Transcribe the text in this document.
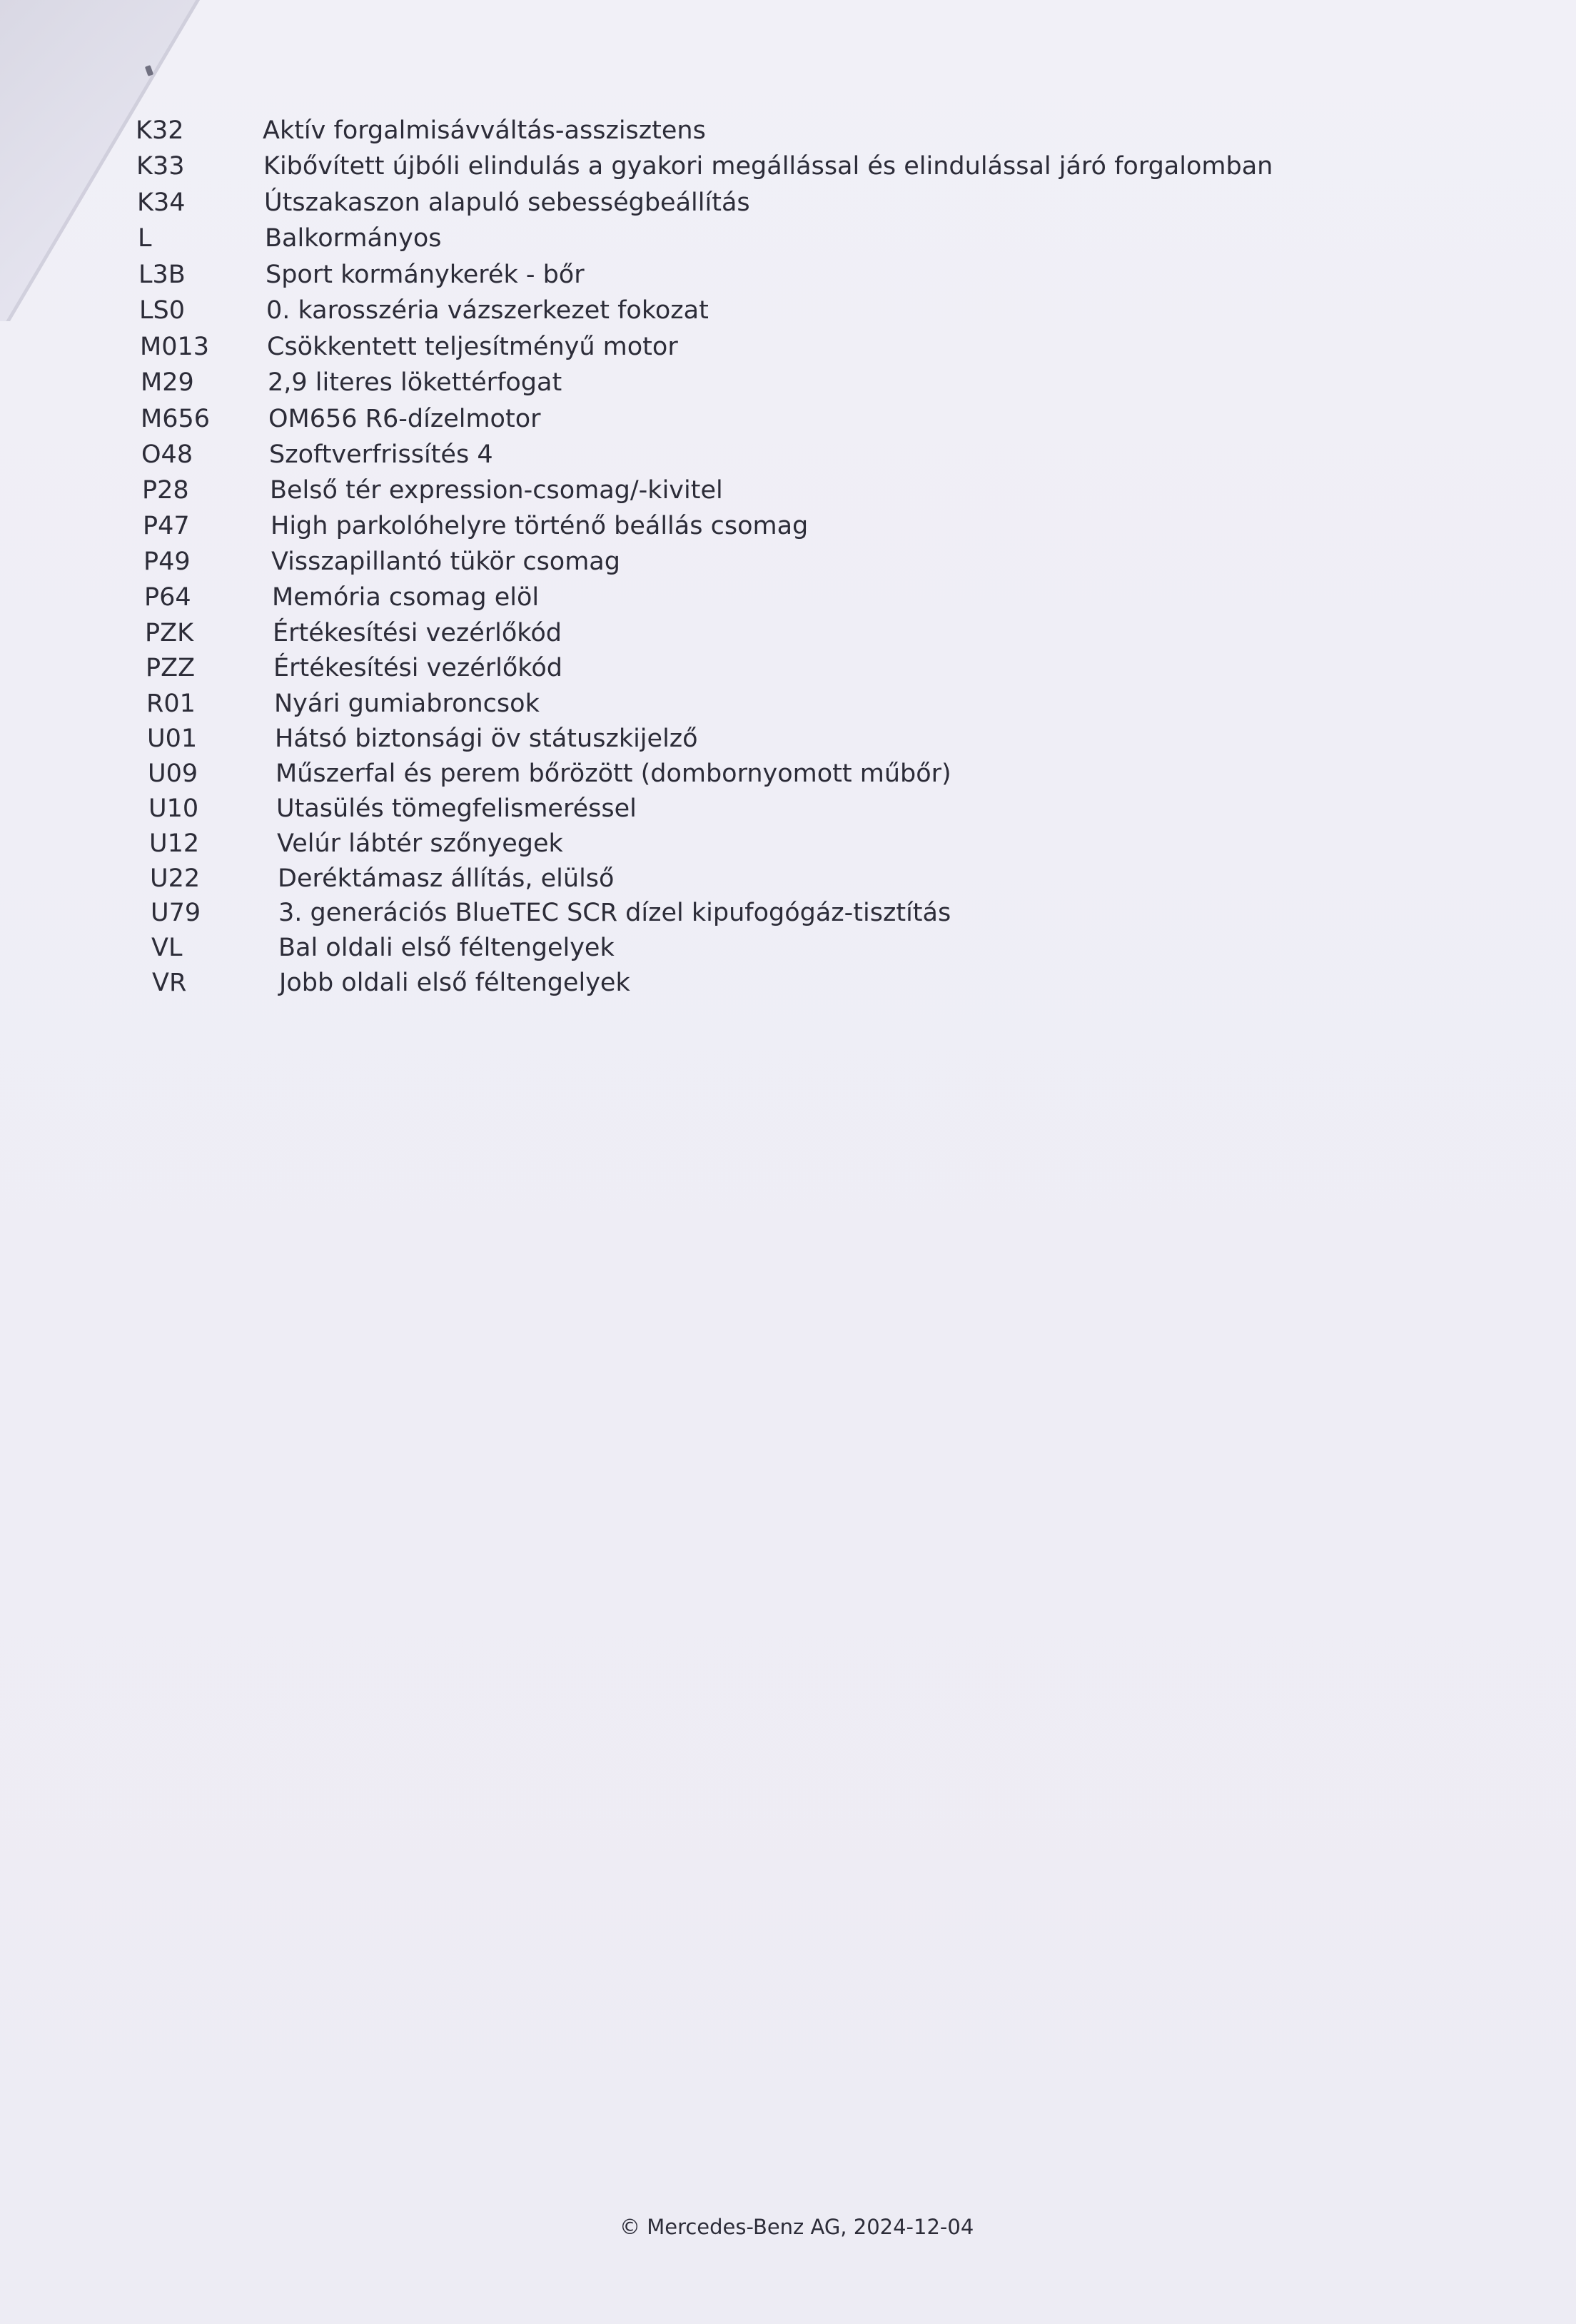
K32	Aktív forgalmisávváltás-asszisztens
K33	Kibővített újbóli elindulás a gyakori megállással és elindulással járó forgalomban
K34	Útszakaszon alapuló sebességbeállítás
L	Balkormányos
L3B	Sport kormánykerék - bőr
LS0	0. karosszéria vázszerkezet fokozat
M013 Csökkentett teljesítményű motor
M29	2,9 literes lökettérfogat
M656 OM656 R6-dízelmotor
O48	Szoftverfrissítés 4
P28	Belső tér expression-csomag/-kivitel
P47	High parkolóhelyre történő beállás csomag
P49	Visszapillantó tükör csomag
P64	Memória csomag elöl
PZK	Értékesítési vezérlőkód
PZZ	Értékesítési vezérlőkód
R01	Nyári gumiabroncsok
U01	Hátsó biztonsági öv státuszkijelző
U09	Műszerfal és perem bőrözött (dombornyomott műbőr)
U10	Utasülés tömegfelismeréssel
U12	Velúr lábtér szőnyegek
U22	Deréktámasz állítás, elülső
U79	3. generációs BlueTEC SCR dízel kipufogógáz-tisztítás
VL	Bal oldali első féltengelyek
VR	Jobb oldali első féltengelyek
© Mercedes-Benz AG, 2024-12-04
